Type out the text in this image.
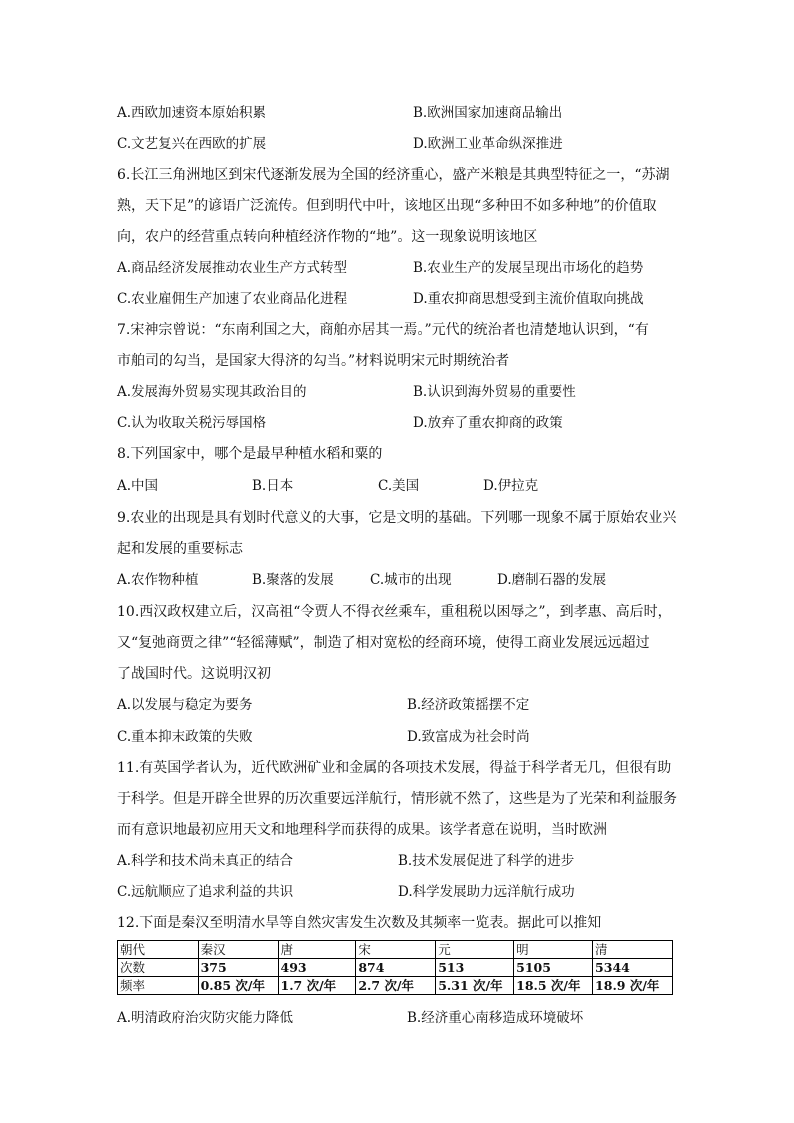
A.西欧加速资本原始积累	B.欧洲国家加速商品输出
C.文艺复兴在西欧的扩展	D.欧洲工业革命纵深推进
6.长江三角洲地区到宋代逐渐发展为全国的经济重心，盛产米粮是其典型特征之一，“苏湖
熟，天下足”的谚语广泛流传。但到明代中叶，该地区出现“多种田不如多种地”的价值取
向，农户的经营重点转向种植经济作物的“地”。这一现象说明该地区
A.商品经济发展推动农业生产方式转型	B.农业生产的发展呈现出市场化的趋势
C.农业雇佣生产加速了农业商品化进程	D.重农抑商思想受到主流价值取向挑战
7.宋神宗曾说：“东南利国之大，商舶亦居其一焉。”元代的统治者也清楚地认识到，“有
市舶司的勾当，是国家大得济的勾当。”材料说明宋元时期统治者
A.发展海外贸易实现其政治目的	B.认识到海外贸易的重要性
C.认为收取关税污辱国格	D.放弃了重农抑商的政策
8.下列国家中，哪个是最早种植水稻和粟的
A.中国	B.日本	C.美国	D.伊拉克
9.农业的出现是具有划时代意义的大事，它是文明的基础。下列哪一现象不属于原始农业兴
起和发展的重要标志
A.农作物种植	B.聚落的发展	C.城市的出现	D.磨制石器的发展
10.西汉政权建立后，汉高祖“令贾人不得衣丝乘车，重租税以困辱之”，到孝惠、高后时，
又“复弛商贾之律”“轻徭薄赋”，制造了相对宽松的经商环境，使得工商业发展远远超过
了战国时代。这说明汉初
A.以发展与稳定为要务	B.经济政策摇摆不定
C.重本抑末政策的失败	D.致富成为社会时尚
11.有英国学者认为，近代欧洲矿业和金属的各项技术发展，得益于科学者无几，但很有助
于科学。但是开辟全世界的历次重要远洋航行，情形就不然了，这些是为了光荣和利益服务
而有意识地最初应用天文和地理科学而获得的成果。该学者意在说明，当时欧洲
A.科学和技术尚未真正的结合	B.技术发展促进了科学的进步
C.远航顺应了追求利益的共识	D.科学发展助力远洋航行成功
12.下面是秦汉至明清水旱等自然灾害发生次数及其频率一览表。据此可以推知
朝代	秦汉	唐	宋	元	明	清
次数	375	493	874	513	5105	5344
频率	0.85 次/年	1.7 次/年	2.7 次/年	5.31 次/年	18.5 次/年	18.9 次/年
A.明清政府治灾防灾能力降低	B.经济重心南移造成环境破坏
